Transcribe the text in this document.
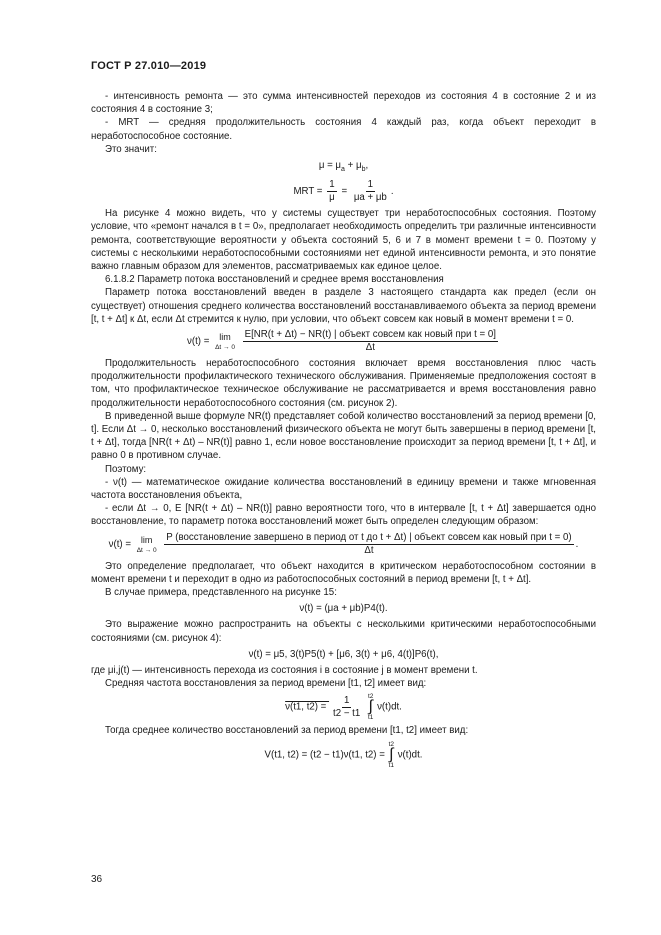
ГОСТ Р 27.010—2019

- интенсивность ремонта — это сумма интенсивностей переходов из состояния 4 в состояние 2 и из состояния 4 в состояние 3;

- MRT — средняя продолжительность состояния 4 каждый раз, когда объект переходит в неработоспособное состояние.

Это значит:

$\mu = \mu_a + \mu_b$,
MRT = $\frac{1}{\mu} = \frac{1}{\mu a + \mu b}$ .

На рисунке 4 можно видеть, что у системы существует три неработоспособных состояния. Поэтому условие, что «ремонт начался в t = 0», предполагает необходимость определить три различные интенсивности ремонта, соответствующие вероятности у объекта состояний 5, 6 и 7 в момент времени t = 0. Поэтому у системы с несколькими неработоспособными состояниями нет единой интенсивности ремонта, и это понятие важно главным образом для элементов, рассматриваемых как единое целое.

6.1.8.2 Параметр потока восстановлений и среднее время восстановления

Параметр потока восстановлений введен в разделе 3 настоящего стандарта как предел (если он существует) отношения среднего количества восстановлений восстанавливаемого объекта за период времени [t, t + Δt] к Δt, если Δt стремится к нулю, при условии, что объект совсем как новый в момент времени t = 0.

ν(t) = lim
Δt → 0
$\frac{\text{E[NR(t + Δt) − NR(t) | объект совсем как новый при t = 0]}}{\Delta t}$

Продолжительность неработоспособного состояния включает время восстановления плюс часть продолжительности профилактического технического обслуживания. Применяемые предположения состоят в том, что профилактическое техническое обслуживание не рассматривается и время восстановления равно продолжительности неработоспособного состояния (см. рисунок 2).

В приведенной выше формуле NR(t) представляет собой количество восстановлений за период времени [0, t]. Если Δt → 0, несколько восстановлений физического объекта не могут быть завершены в период времени [t, t + Δt], тогда [NR(t + Δt) – NR(t)] равно 1, если новое восстановление происходит за период времени [t, t + Δt], и равно 0 в противном случае.

Поэтому:

- ν(t) — математическое ожидание количества восстановлений в единицу времени и также мгновенная частота восстановления объекта,

- если Δt → 0, E [NR(t + Δt) – NR(t)] равно вероятности того, что в интервале [t, t + Δt] завершается одно восстановление, то параметр потока восстановлений может быть определен следующим образом:

ν(t) = lim
Δt → 0

P (восстановление завершено в период от t до t + Δt) | объект совсем как новый при t = 0)
Δt
.

Это определение предполагает, что объект находится в критическом неработоспособном состоянии в момент времени t и переходит в одно из работоспособных состояний в период времени [t, t + Δt].

В случае примера, представленного на рисунке 15:

ν(t) = (μa + μb)P4(t).

Это выражение можно распространить на объекты с несколькими критическими неработоспособными состояниями (см. рисунок 4):

ν(t) = μ5, 3(t)P5(t) + [μ6, 3(t) + μ6, 4(t)]P6(t),

где μi,j(t) — интенсивность перехода из состояния i в состояние j в момент времени t.

Средняя частота восстановления за период времени [t1, t2] имеет вид:

ν(t1, $t2) = \frac{1}{t2 - t1}$
t2
∫
t1
ν(t)dt.

Тогда среднее количество восстановлений за период времени [t1, t2] имеет вид:

V(t1, t2) = (t2 − t1)ν(t1, t2) =
t2
∫
t1
ν(t)dt.
36
